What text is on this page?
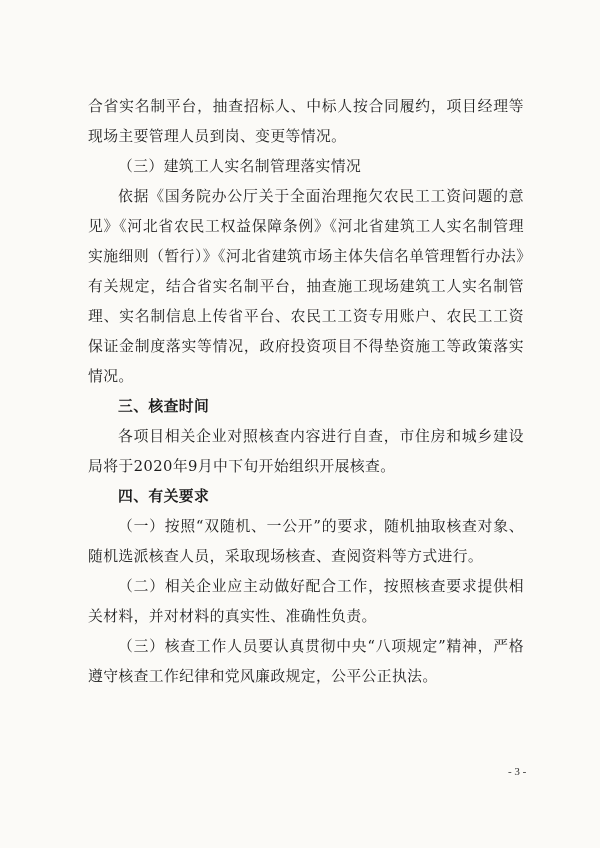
合省实名制平台，抽查招标人、中标人按合同履约，项目经理等现场主要管理人员到岗、变更等情况。

（三）建筑工人实名制管理落实情况

依据《国务院办公厅关于全面治理拖欠农民工工资问题的意见》《河北省农民工权益保障条例》《河北省建筑工人实名制管理实施细则（暂行）》《河北省建筑市场主体失信名单管理暂行办法》有关规定，结合省实名制平台，抽查施工现场建筑工人实名制管理、实名制信息上传省平台、农民工工资专用账户、农民工工资保证金制度落实等情况，政府投资项目不得垫资施工等政策落实情况。

三、核查时间

各项目相关企业对照核查内容进行自查，市住房和城乡建设局将于2020年9月中下旬开始组织开展核查。

四、有关要求

（一）按照“双随机、一公开”的要求，随机抽取核查对象、随机选派核查人员，采取现场核查、查阅资料等方式进行。

（二）相关企业应主动做好配合工作，按照核查要求提供相关材料，并对材料的真实性、准确性负责。

（三）核查工作人员要认真贯彻中央“八项规定”精神，严格遵守核查工作纪律和党风廉政规定，公平公正执法。

- 3 -
